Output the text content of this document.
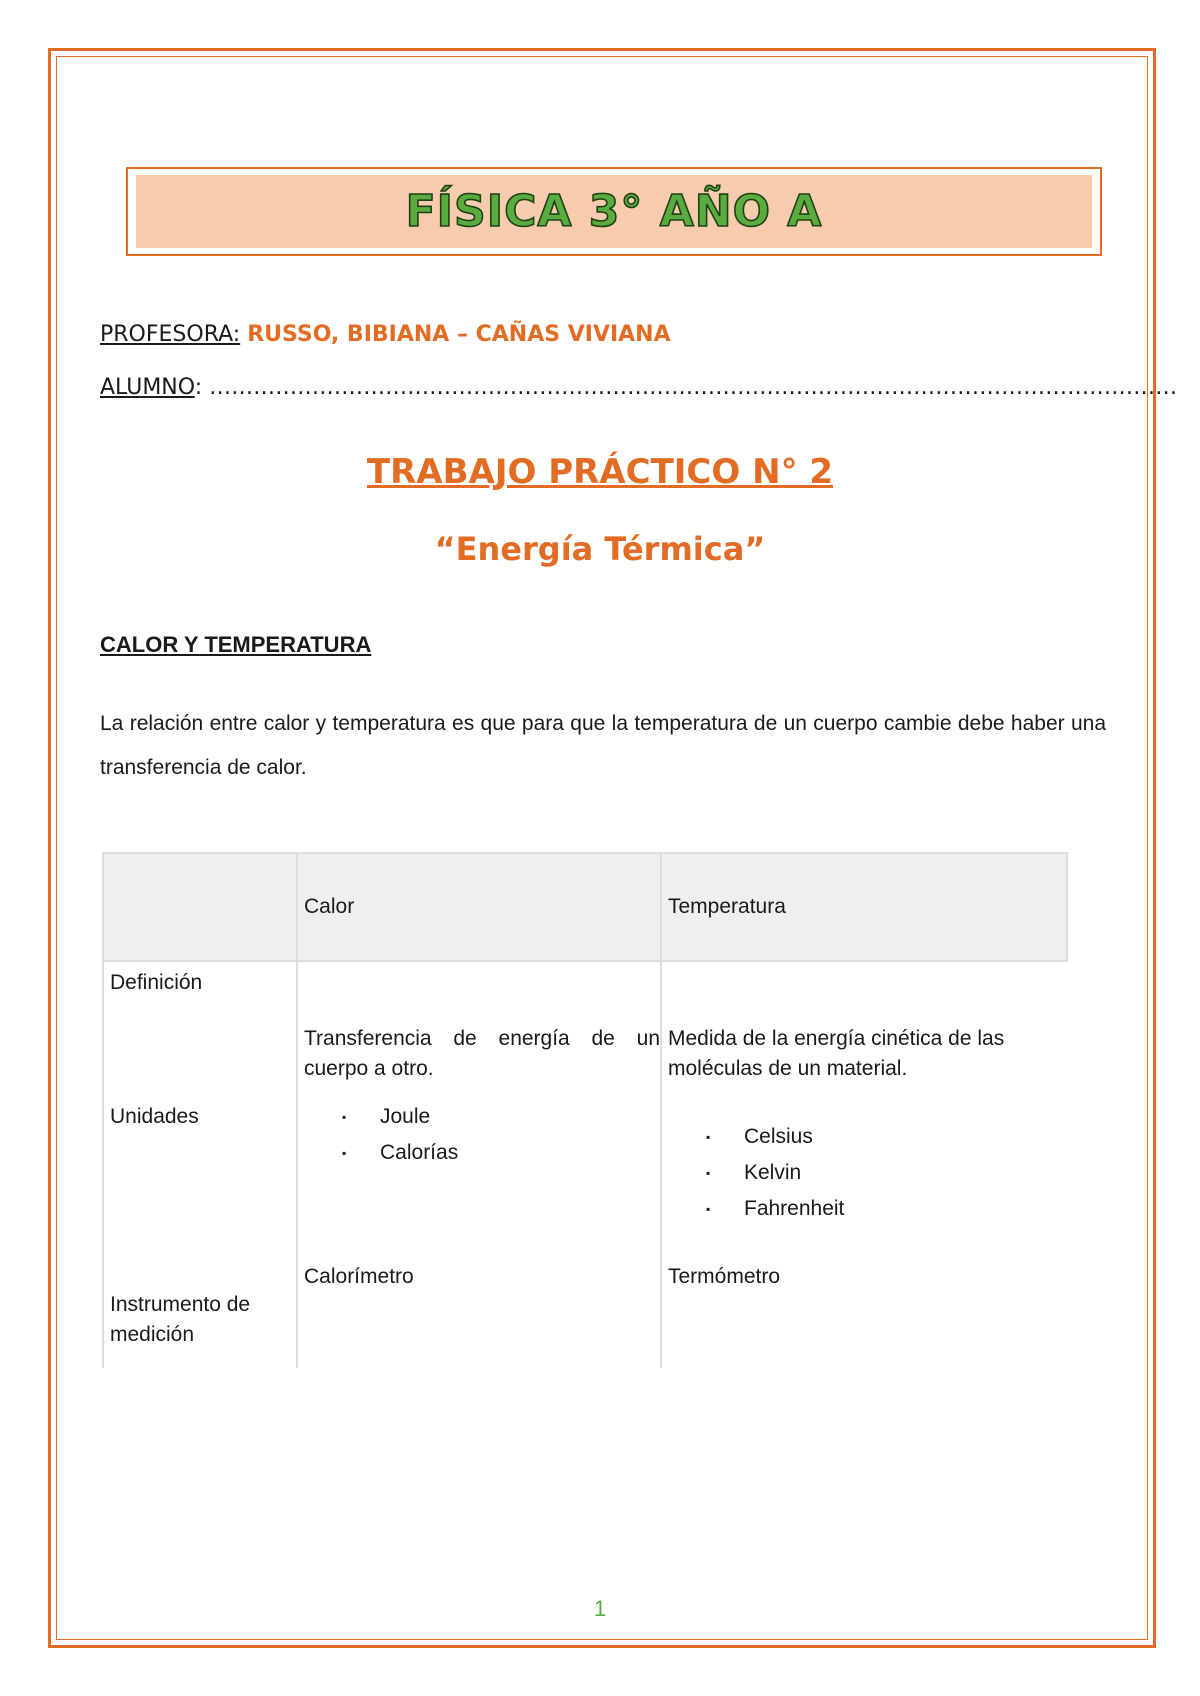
FÍSICA 3° AÑO A
PROFESORA: RUSSO, BIBIANA – CAÑAS VIVIANA
ALUMNO: ……………………………………………………………………………………………………………………
TRABAJO PRÁCTICO N° 2
“Energía Térmica”
CALOR Y TEMPERATURA
La relación entre calor y temperatura es que para que la temperatura de un cuerpo cambie debe haber una transferencia de calor.
Calor	Temperatura
Definición
Unidades
Instrumento de medición
Transferencia de energía de un cuerpo a otro.
▪ Joule
▪ Calorías
Calorímetro
Medida de la energía cinética de las moléculas de un material.
▪ Celsius
▪ Kelvin
▪ Fahrenheit
Termómetro
1
